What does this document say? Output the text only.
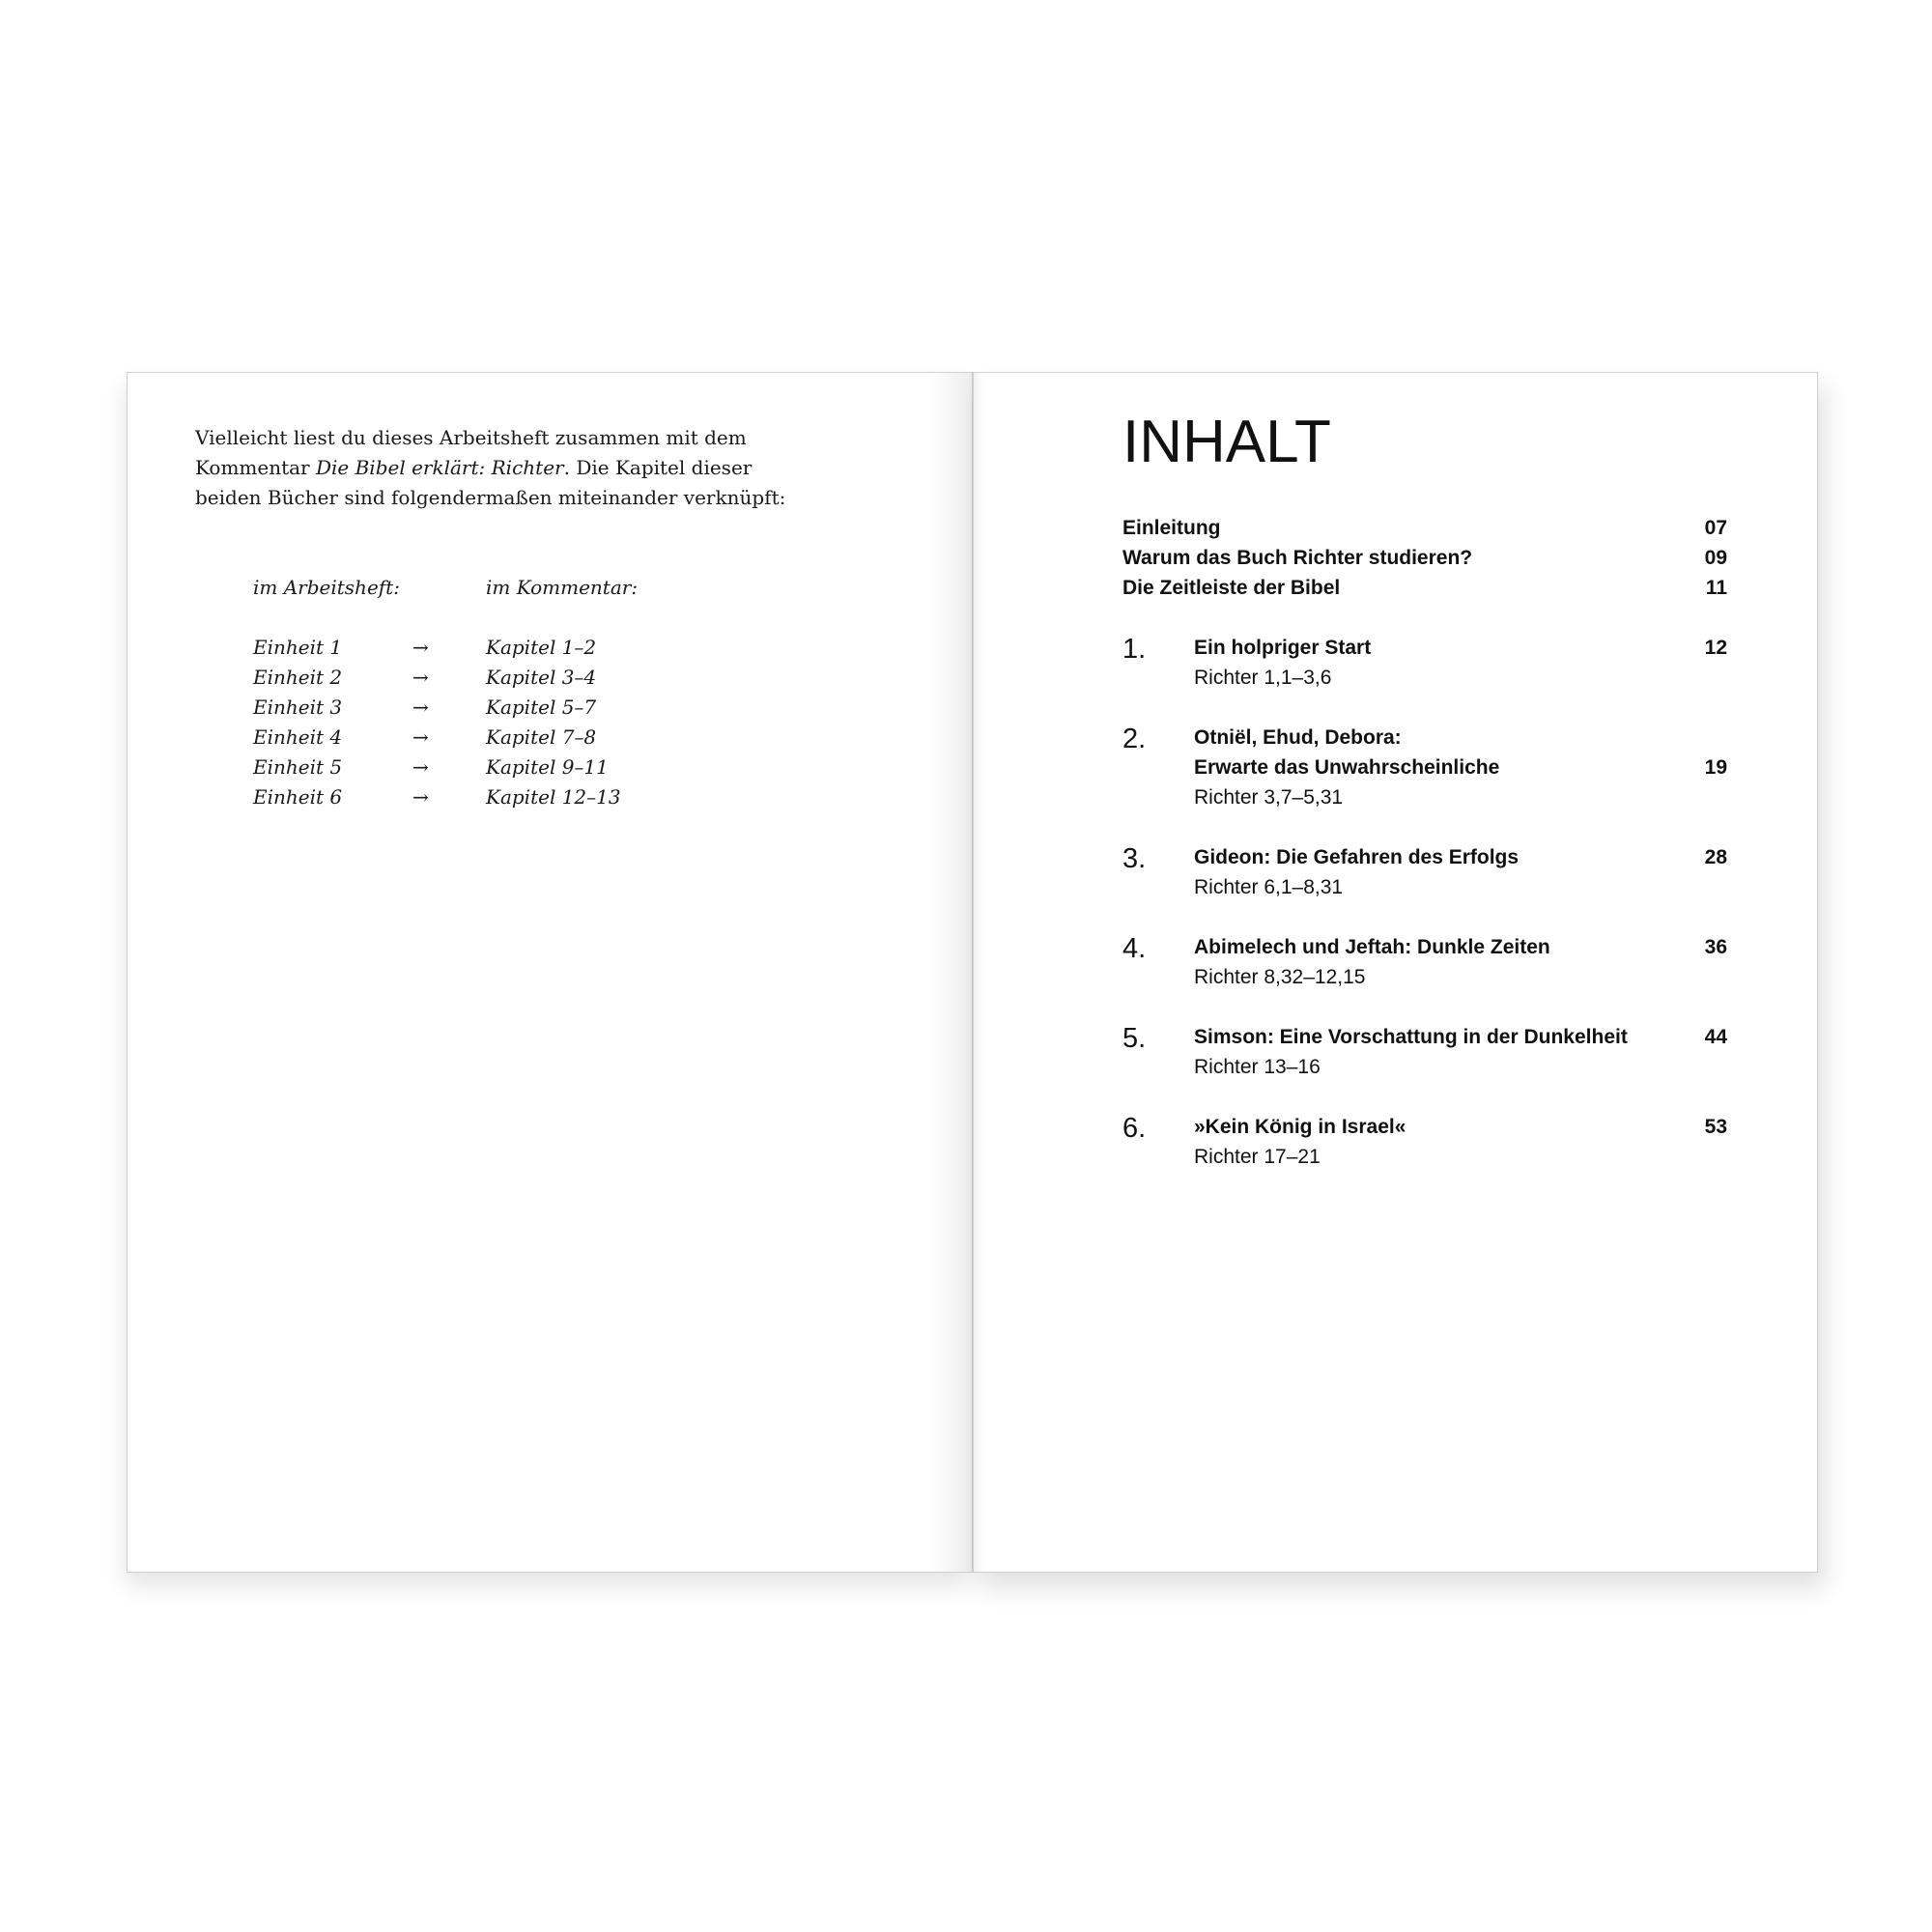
Vielleicht liest du dieses Arbeitsheft zusammen mit dem
Kommentar Die Bibel erklärt: Richter. Die Kapitel dieser
beiden Bücher sind folgendermaßen miteinander verknüpft:

im Arbeitsheft:	im Kommentar:
Einheit 1	→	Kapitel 1–2
Einheit 2	→	Kapitel 3–4
Einheit 3	→	Kapitel 5–7
Einheit 4	→	Kapitel 7–8
Einheit 5	→	Kapitel 9–11
Einheit 6	→	Kapitel 12–13
INHALT
Einleitung	07
Warum das Buch Richter studieren?	09
Die Zeitleiste der Bibel	11
1. Ein holpriger Start	12
Richter 1,1–3,6
2. Otniël, Ehud, Debora:
Erwarte das Unwahrscheinliche	19
Richter 3,7–5,31
3. Gideon: Die Gefahren des Erfolgs	28
Richter 6,1–8,31
4. Abimelech und Jeftah: Dunkle Zeiten	36
Richter 8,32–12,15
5. Simson: Eine Vorschattung in der Dunkelheit	44
Richter 13–16
6. »Kein König in Israel«	53
Richter 17–21
